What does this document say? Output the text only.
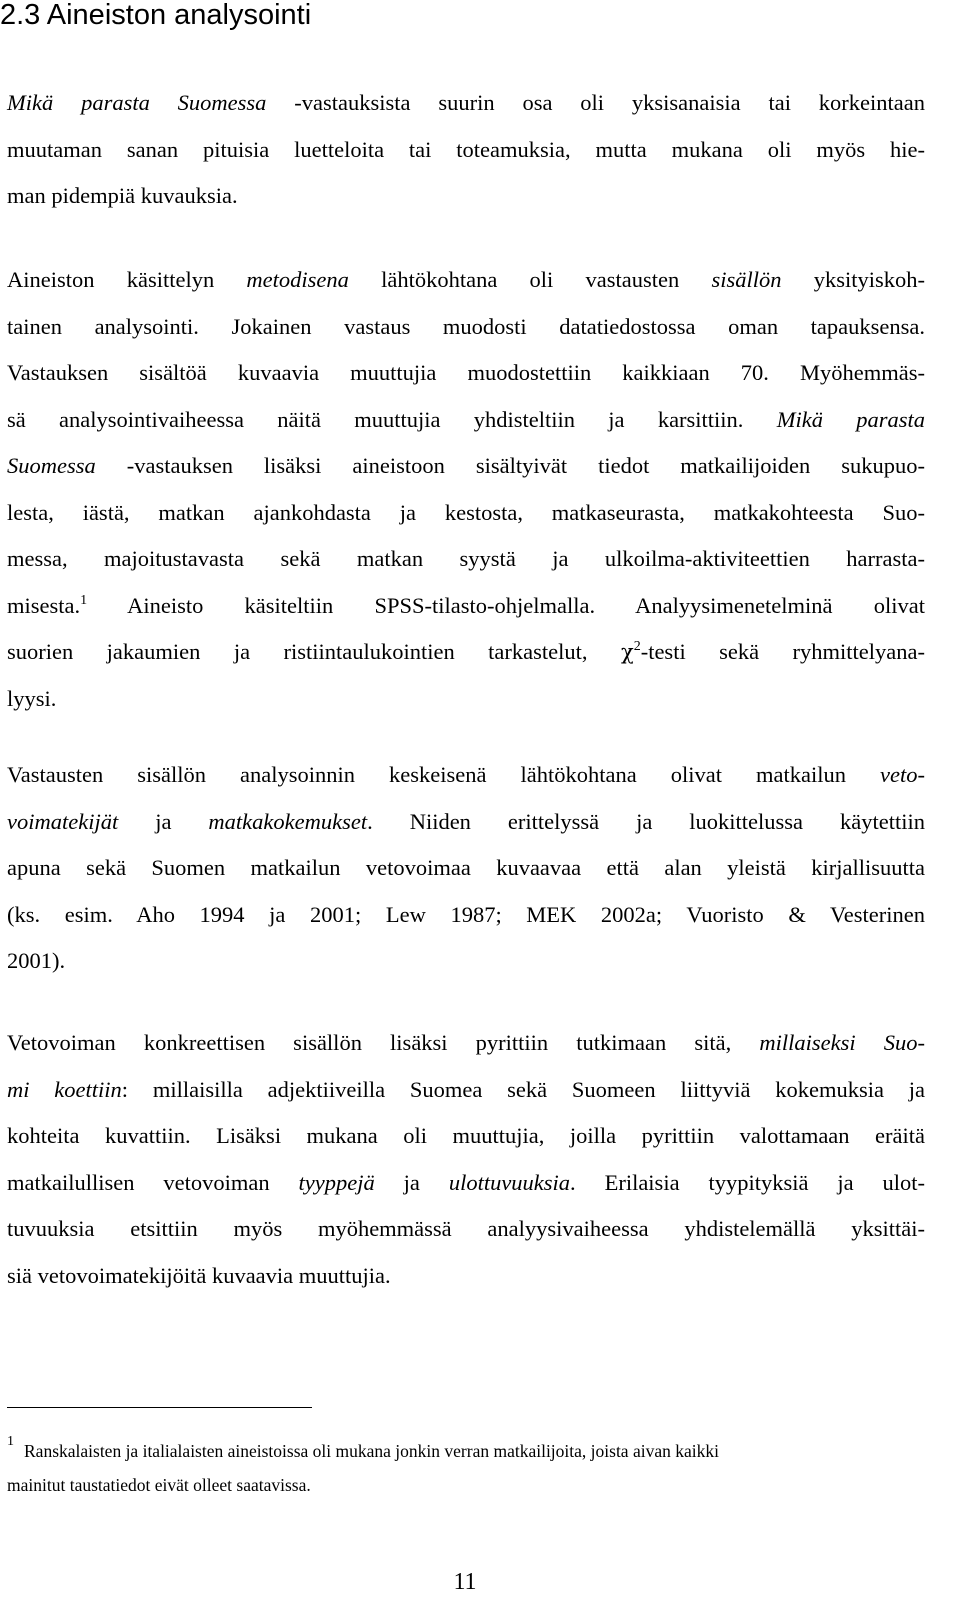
2.3 Aineiston analysointi
Mikä parasta Suomessa -vastauksista suurin osa oli yksisanaisia tai korkeintaan
muutaman sanan pituisia luetteloita tai toteamuksia, mutta mukana oli myös hie-
man pidempiä kuvauksia.
Aineiston käsittelyn metodisena lähtökohtana oli vastausten sisällön yksityiskoh-
tainen analysointi. Jokainen vastaus muodosti datatiedostossa oman tapauksensa.
Vastauksen sisältöä kuvaavia muuttujia muodostettiin kaikkiaan 70. Myöhemmäs-
sä analysointivaiheessa näitä muuttujia yhdisteltiin ja karsittiin. Mikä parasta
Suomessa -vastauksen lisäksi aineistoon sisältyivät tiedot matkailijoiden sukupuo-
lesta, iästä, matkan ajankohdasta ja kestosta, matkaseurasta, matkakohteesta Suo-
messa, majoitustavasta sekä matkan syystä ja ulkoilma-aktiviteettien harrasta-
misesta.$^1$ Aineisto käsiteltiin SPSS-tilasto-ohjelmalla. Analyysimenetelminä olivat
suorien jakaumien ja ristiintaulukointien tarkastelut, $\chi^2$-testi sekä ryhmittelyana-
lyysi.
Vastausten sisällön analysoinnin keskeisenä lähtökohtana olivat matkailun veto-
voimatekijät ja matkakokemukset. Niiden erittelyssä ja luokittelussa käytettiin
apuna sekä Suomen matkailun vetovoimaa kuvaavaa että alan yleistä kirjallisuutta
(ks. esim. Aho 1994 ja 2001; Lew 1987; MEK 2002a; Vuoristo & Vesterinen
2001).
Vetovoiman konkreettisen sisällön lisäksi pyrittiin tutkimaan sitä, millaiseksi Suo-
mi koettiin: millaisilla adjektiiveilla Suomea sekä Suomeen liittyviä kokemuksia ja
kohteita kuvattiin. Lisäksi mukana oli muuttujia, joilla pyrittiin valottamaan eräitä
matkailullisen vetovoiman tyyppejä ja ulottuvuuksia. Erilaisia tyypityksiä ja ulot-
tuvuuksia etsittiin myös myöhemmässä analyysivaiheessa yhdistelemällä yksittäi-
siä vetovoimatekijöitä kuvaavia muuttujia.
$^1$ Ranskalaisten ja italialaisten aineistoissa oli mukana jonkin verran matkailijoita, joista aivan kaikki
mainitut taustatiedot eivät olleet saatavissa.
11
